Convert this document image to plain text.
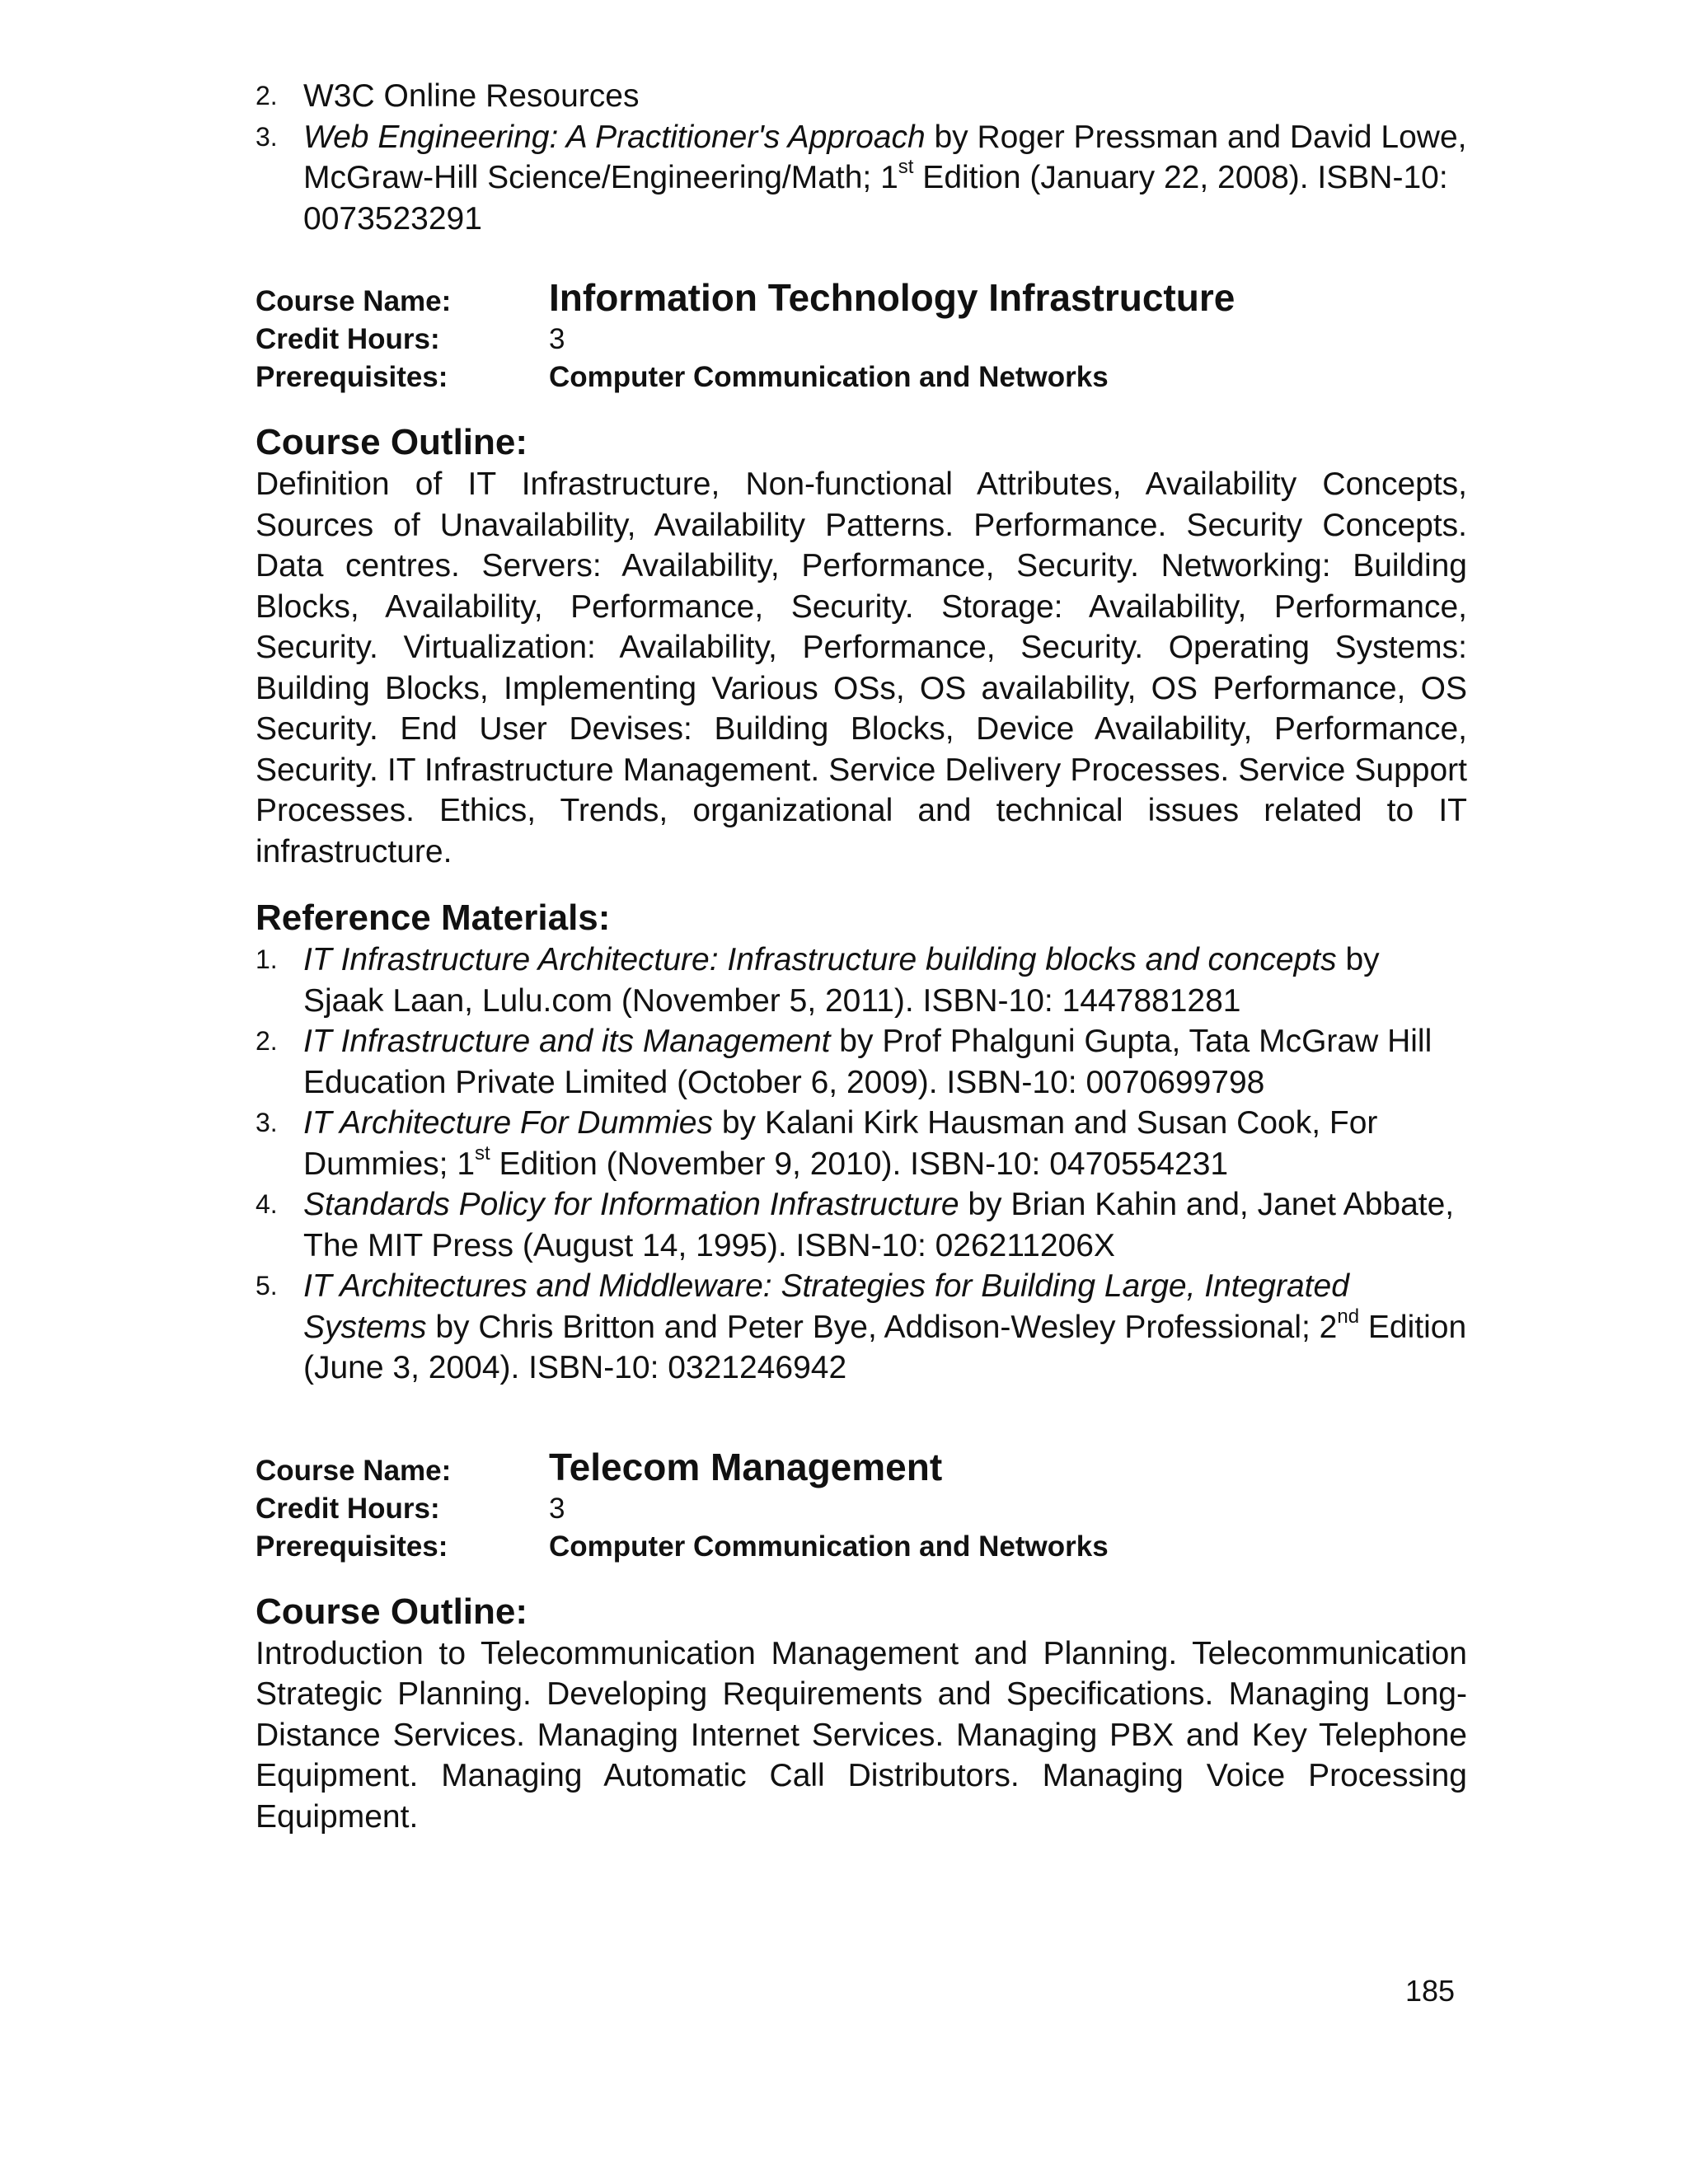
2. W3C Online Resources
3. Web Engineering: A Practitioner's Approach by Roger Pressman and David Lowe, McGraw-Hill Science/Engineering/Math; 1st Edition (January 22, 2008). ISBN-10: 0073523291
Course Name:	Information Technology Infrastructure
Credit Hours:	3
Prerequisites:	Computer Communication and Networks
Course Outline:

Definition of IT Infrastructure, Non-functional Attributes, Availability Concepts, Sources of Unavailability, Availability Patterns. Performance. Security Concepts. Data centres. Servers: Availability, Performance, Security. Networking: Building Blocks, Availability, Performance, Security. Storage: Availability, Performance, Security. Virtualization: Availability, Performance, Security. Operating Systems: Building Blocks, Implementing Various OSs, OS availability, OS Performance, OS Security. End User Devises: Building Blocks, Device Availability, Performance, Security. IT Infrastructure Management. Service Delivery Processes. Service Support Processes. Ethics, Trends, organizational and technical issues related to IT infrastructure.

Reference Materials:
1. IT Infrastructure Architecture: Infrastructure building blocks and concepts by Sjaak Laan, Lulu.com (November 5, 2011). ISBN-10: 1447881281
2. IT Infrastructure and its Management by Prof Phalguni Gupta, Tata McGraw Hill Education Private Limited (October 6, 2009). ISBN-10: 0070699798
3. IT Architecture For Dummies by Kalani Kirk Hausman and Susan Cook, For Dummies; 1st Edition (November 9, 2010). ISBN-10: 0470554231
4. Standards Policy for Information Infrastructure by Brian Kahin and, Janet Abbate, The MIT Press (August 14, 1995). ISBN-10: 026211206X
5. IT Architectures and Middleware: Strategies for Building Large, Integrated Systems by Chris Britton and Peter Bye, Addison-Wesley Professional; 2nd Edition (June 3, 2004). ISBN-10: 0321246942
Course Name:	Telecom Management
Credit Hours:	3
Prerequisites:	Computer Communication and Networks
Course Outline:

Introduction to Telecommunication Management and Planning. Telecommunication Strategic Planning. Developing Requirements and Specifications. Managing Long-Distance Services. Managing Internet Services. Managing PBX and Key Telephone Equipment. Managing Automatic Call Distributors. Managing Voice Processing Equipment.

185
